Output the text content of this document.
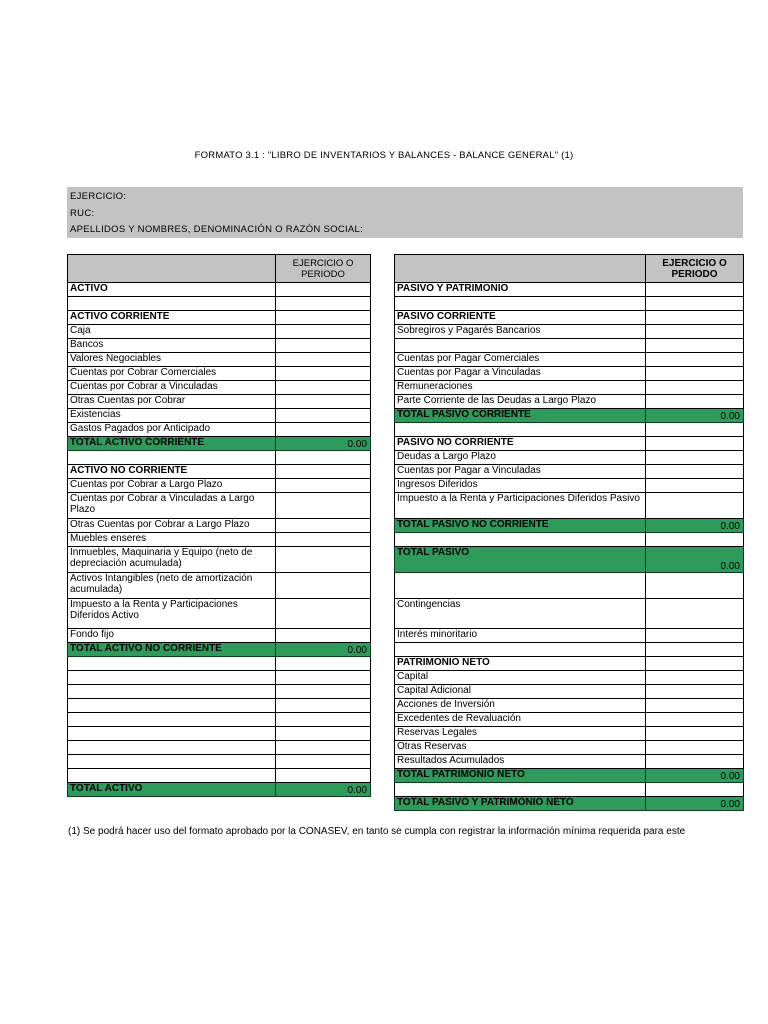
FORMATO 3.1 : "LIBRO DE INVENTARIOS Y BALANCES - BALANCE GENERAL" (1)
EJERCICIO:
RUC:
APELLIDOS Y NOMBRES, DENOMINACIÓN O RAZÓN SOCIAL:
	EJERCICIO O PERIODO
ACTIVO	

ACTIVO CORRIENTE	
Caja	
Bancos	
Valores Negociables	
Cuentas por Cobrar Comerciales	
Cuentas por Cobrar a Vinculadas	
Otras Cuentas por Cobrar	
Existencias	
Gastos Pagados por Anticipado	
TOTAL ACTIVO CORRIENTE	0.00

ACTIVO NO CORRIENTE	
Cuentas por Cobrar a Largo Plazo	
Cuentas por Cobrar a Vinculadas a Largo Plazo	
Otras Cuentas por Cobrar a Largo Plazo	
Muebles enseres	
Inmuebles, Maquinaria y Equipo (neto de depreciación acumulada)	
Activos Intangibles (neto de amortización acumulada)	
Impuesto a la Renta y Participaciones Diferidos Activo	
Fondo fijo	
TOTAL ACTIVO NO CORRIENTE	0.00

TOTAL ACTIVO	0.00
	EJERCICIO O PERIODO
PASIVO Y PATRIMONIO	

PASIVO CORRIENTE	
Sobregiros y Pagarés Bancarios	

Cuentas por Pagar Comerciales	
Cuentas por Pagar a Vinculadas	
Remuneraciones	
Parte Corriente de las Deudas a Largo Plazo	
TOTAL PASIVO CORRIENTE	0.00

PASIVO NO CORRIENTE	
Deudas a Largo Plazo	
Cuentas por Pagar a Vinculadas	
Ingresos Diferidos	
Impuesto a la Renta y Participaciones Diferidos Pasivo	
TOTAL PASIVO NO CORRIENTE	0.00

TOTAL PASIVO	0.00

Contingencias	
Interés minoritario	

PATRIMONIO NETO	
Capital	
Capital Adicional	
Acciones de Inversión	
Excedentes de Revaluación	
Reservas Legales	
Otras Reservas	
Resultados Acumulados	
TOTAL PATRIMONIO NETO	0.00

TOTAL PASIVO Y PATRIMONIO NETO	0.00
(1) Se podrá hacer uso del formato aprobado por la CONASEV, en tanto se cumpla con registrar la información mínima requerida para este
